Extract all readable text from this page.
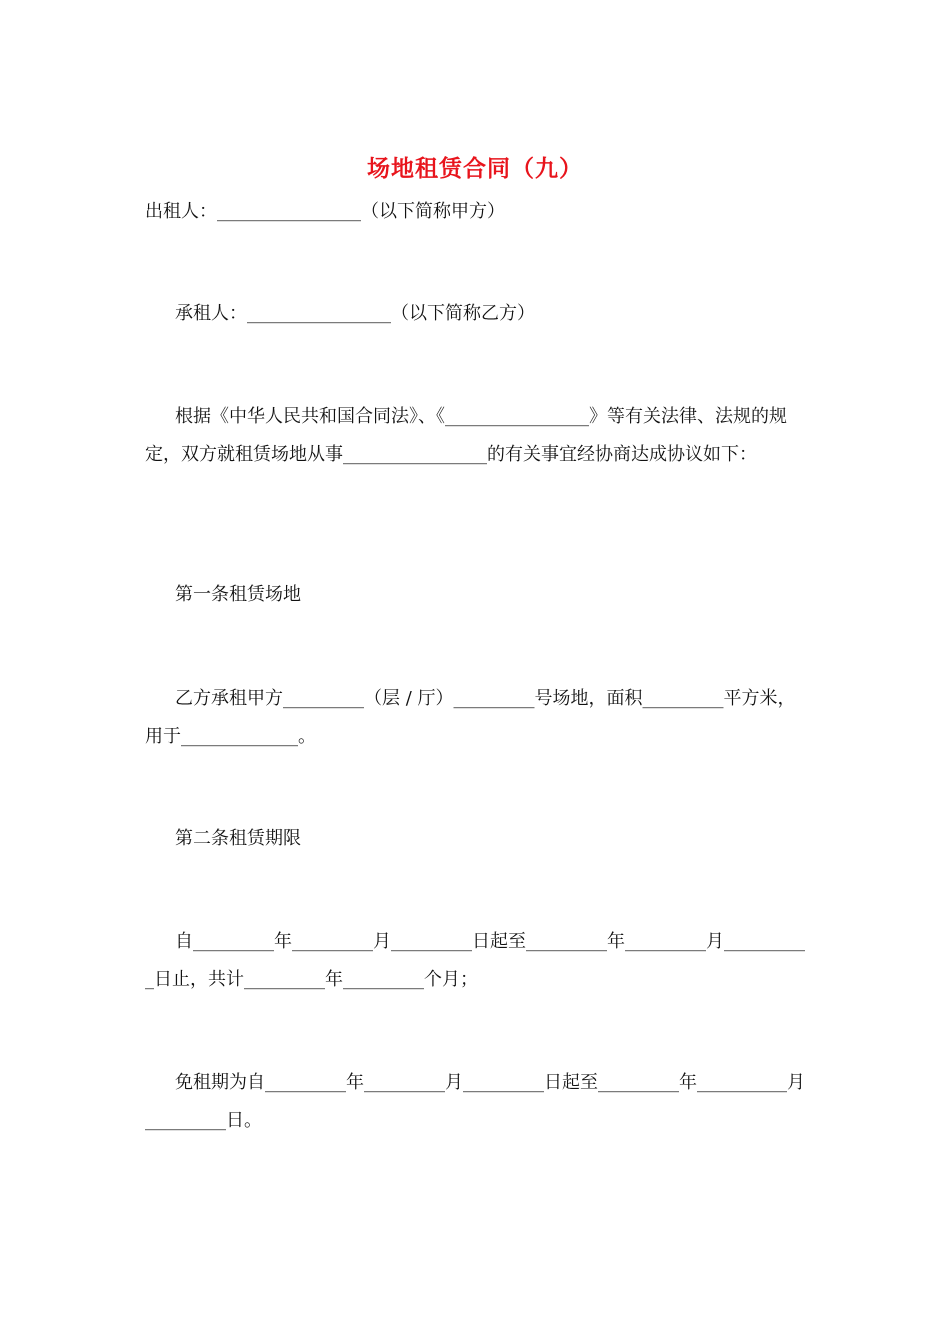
场地租赁合同（九）
出租人：________________（以下简称甲方）
承租人：________________（以下简称乙方）
根据《中华人民共和国合同法》、《________________》等有关法律、法规的规定，双方就租赁场地从事________________的有关事宜经协商达成协议如下：
第一条租赁场地
乙方承租甲方_________（层 / 厅）_________号场地，面积_________平方米，用于_____________。
第二条租赁期限
自_________年_________月_________日起至_________年_________月__________日止，共计_________年_________个月；
免租期为自_________年_________月_________日起至_________年__________月_________日。
